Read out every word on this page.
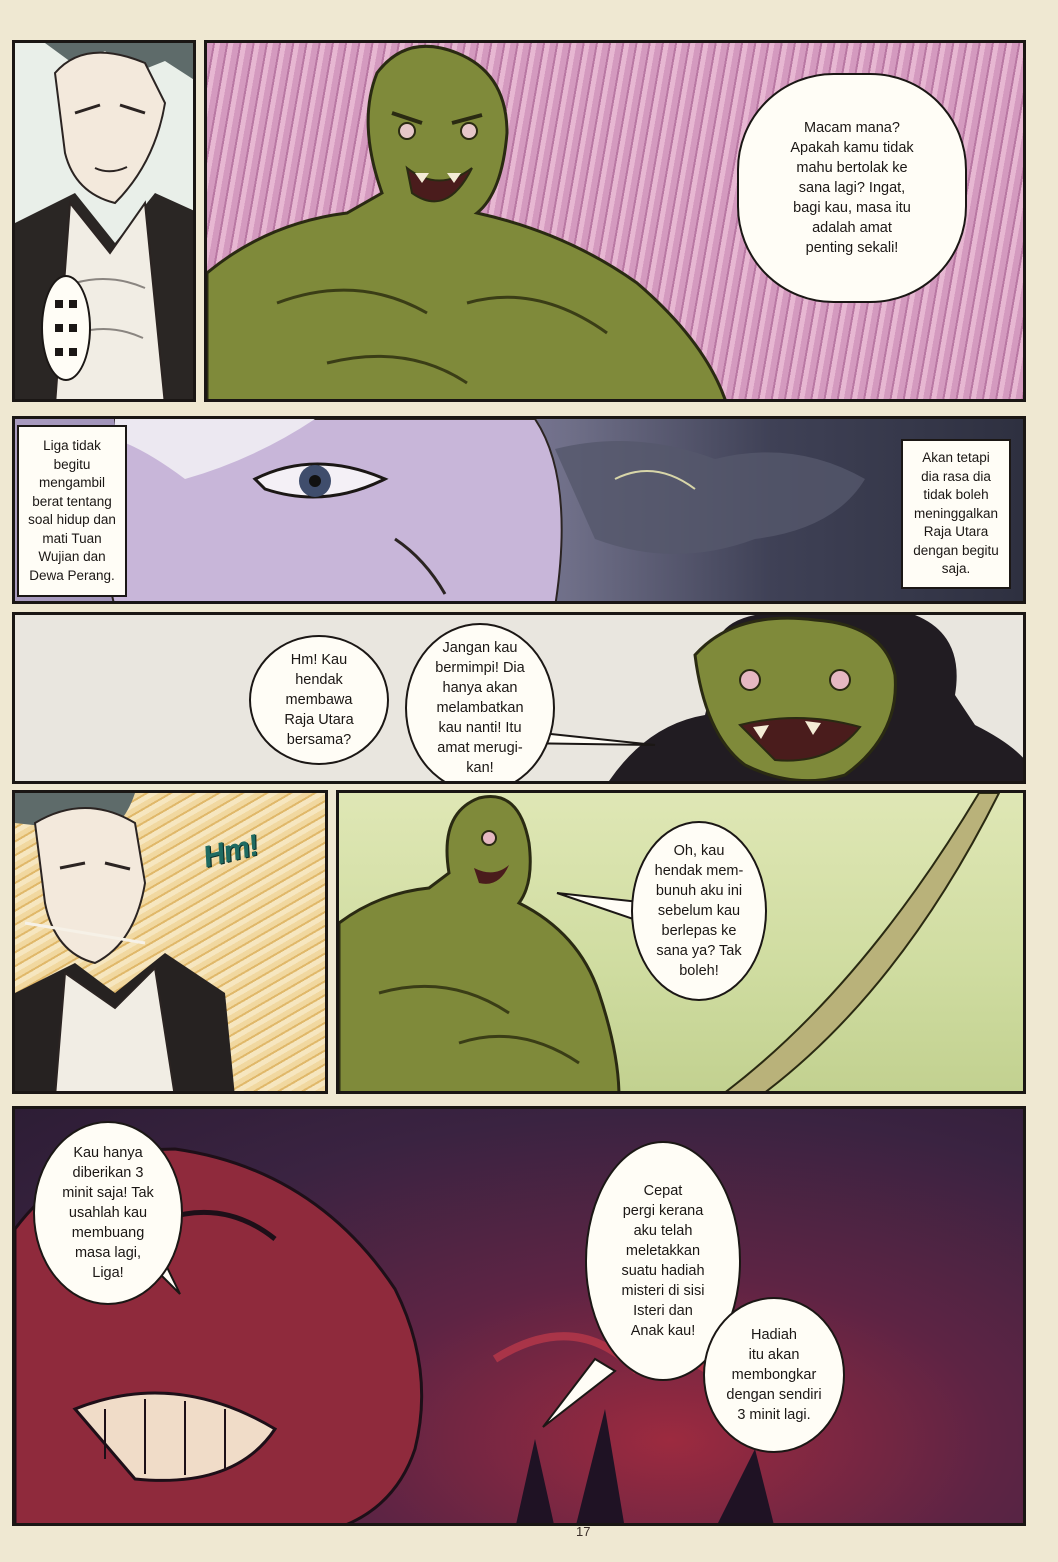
Macam mana?
Apakah kamu tidak
mahu bertolak ke
sana lagi? Ingat,
bagi kau, masa itu
adalah amat
penting sekali!
Liga tidak
begitu
mengambil
berat tentang
soal hidup dan
mati Tuan
Wujian dan
Dewa Perang.
Akan tetapi
dia rasa dia
tidak boleh
meninggalkan
Raja Utara
dengan begitu
saja.
Hm! Kau
hendak
membawa
Raja Utara
bersama?
Jangan kau
bermimpi! Dia
hanya akan
melambatkan
kau nanti! Itu
amat merugi-
kan!
Hm!	Oh, kau
hendak mem-
bunuh aku ini
sebelum kau
berlepas ke
sana ya? Tak
boleh!
Kau hanya
diberikan 3
minit saja! Tak
usahlah kau
membuang
masa lagi,
Liga!
Cepat
pergi kerana
aku telah
meletakkan
suatu hadiah
misteri di sisi
Isteri dan
Anak kau!	Hadiah
itu akan
membongkar
dengan sendiri
3 minit lagi.
17
